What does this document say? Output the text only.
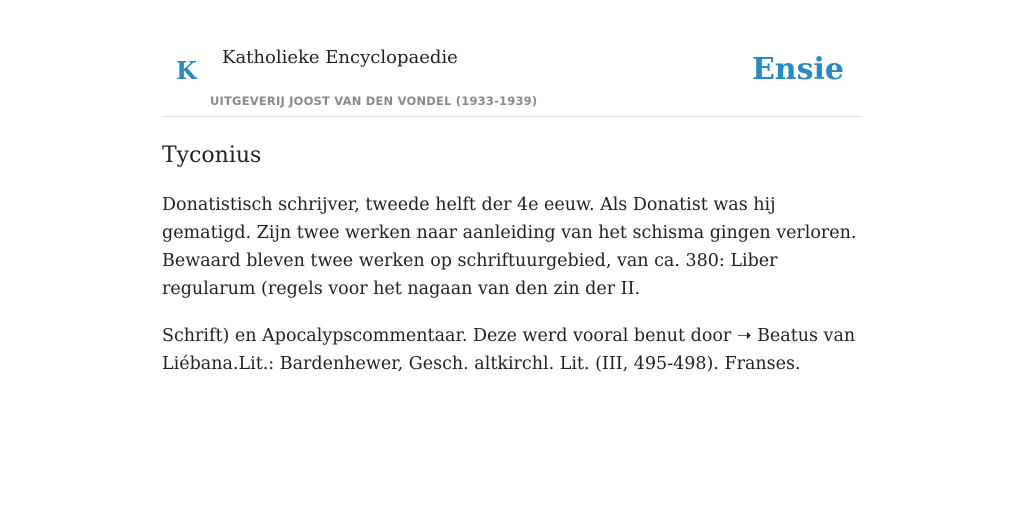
K Katholieke Encyclopaedie
UITGEVERIJ JOOST VAN DEN VONDEL (1933-1939)
Ensie
Tyconius

Donatistisch schrijver, tweede helft der 4e eeuw. Als Donatist was hij gematigd. Zijn twee werken naar aanleiding van het schisma gingen verloren. Bewaard bleven twee werken op schriftuurgebied, van ca. 380: Liber regularum (regels voor het nagaan van den zin der II.

Schrift) en Apocalypscommentaar. Deze werd vooral benut door ➝ Beatus van Liébana.Lit.: Bardenhewer, Gesch. altkirchl. Lit. (III, 495-498). Franses.
